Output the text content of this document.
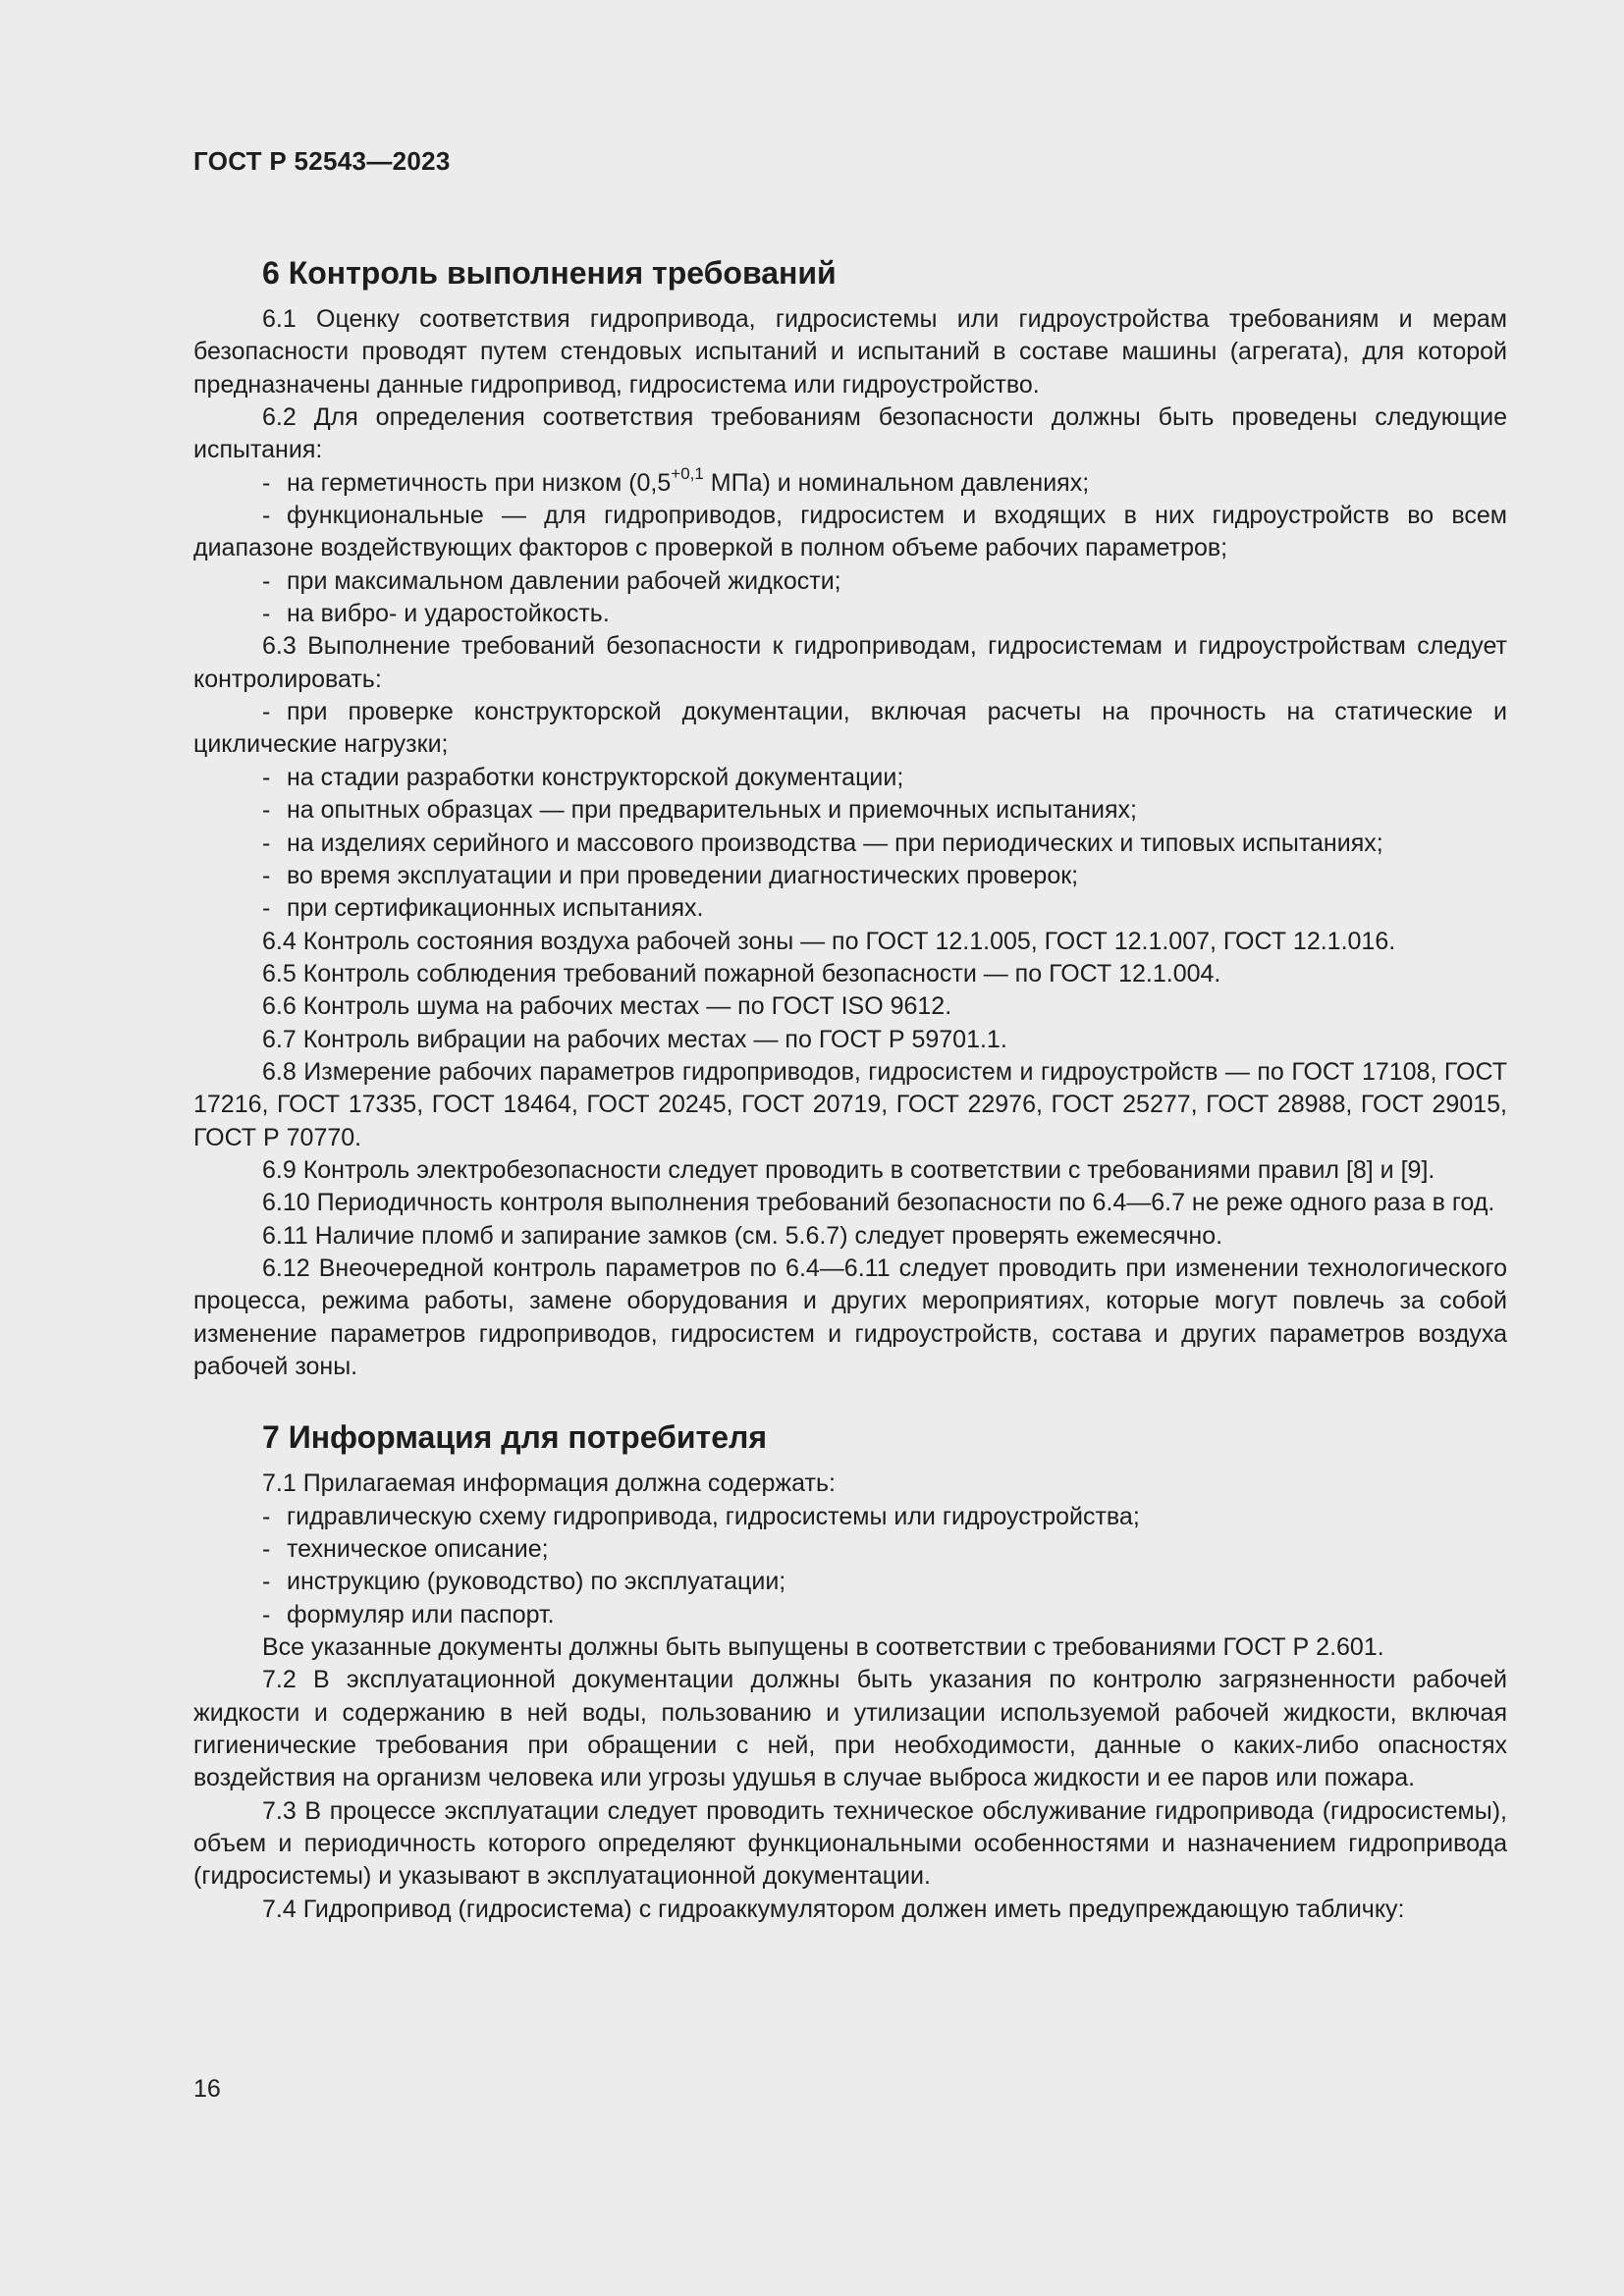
ГОСТ Р 52543—2023

6 Контроль выполнения требований

6.1 Оценку соответствия гидропривода, гидросистемы или гидроустройства требованиям и мерам безопасности проводят путем стендовых испытаний и испытаний в составе машины (агрегата), для которой предназначены данные гидропривод, гидросистема или гидроустройство.

6.2 Для определения соответствия требованиям безопасности должны быть проведены следующие испытания:

- на герметичность при низком ($0,5^{+0,1}$ МПа) и номинальном давлениях;

- функциональные — для гидроприводов, гидросистем и входящих в них гидроустройств во всем диапазоне воздействующих факторов с проверкой в полном объеме рабочих параметров;

- при максимальном давлении рабочей жидкости;

- на вибро- и ударостойкость.

6.3 Выполнение требований безопасности к гидроприводам, гидросистемам и гидроустройствам следует контролировать:

- при проверке конструкторской документации, включая расчеты на прочность на статические и циклические нагрузки;

- на стадии разработки конструкторской документации;

- на опытных образцах — при предварительных и приемочных испытаниях;

- на изделиях серийного и массового производства — при периодических и типовых испытаниях;

- во время эксплуатации и при проведении диагностических проверок;

- при сертификационных испытаниях.

6.4 Контроль состояния воздуха рабочей зоны — по ГОСТ 12.1.005, ГОСТ 12.1.007, ГОСТ 12.1.016.

6.5 Контроль соблюдения требований пожарной безопасности — по ГОСТ 12.1.004.

6.6 Контроль шума на рабочих местах — по ГОСТ ISO 9612.

6.7 Контроль вибрации на рабочих местах — по ГОСТ Р 59701.1.

6.8 Измерение рабочих параметров гидроприводов, гидросистем и гидроустройств — по ГОСТ 17108, ГОСТ 17216, ГОСТ 17335, ГОСТ 18464, ГОСТ 20245, ГОСТ 20719, ГОСТ 22976, ГОСТ 25277, ГОСТ 28988, ГОСТ 29015, ГОСТ Р 70770.

6.9 Контроль электробезопасности следует проводить в соответствии с требованиями правил [8] и [9].

6.10 Периодичность контроля выполнения требований безопасности по 6.4—6.7 не реже одного раза в год.

6.11 Наличие пломб и запирание замков (см. 5.6.7) следует проверять ежемесячно.

6.12 Внеочередной контроль параметров по 6.4—6.11 следует проводить при изменении технологического процесса, режима работы, замене оборудования и других мероприятиях, которые могут повлечь за собой изменение параметров гидроприводов, гидросистем и гидроустройств, состава и других параметров воздуха рабочей зоны.

7 Информация для потребителя

7.1 Прилагаемая информация должна содержать:

- гидравлическую схему гидропривода, гидросистемы или гидроустройства;

- техническое описание;

- инструкцию (руководство) по эксплуатации;

- формуляр или паспорт.

Все указанные документы должны быть выпущены в соответствии с требованиями ГОСТ Р 2.601.

7.2 В эксплуатационной документации должны быть указания по контролю загрязненности рабочей жидкости и содержанию в ней воды, пользованию и утилизации используемой рабочей жидкости, включая гигиенические требования при обращении с ней, при необходимости, данные о каких-либо опасностях воздействия на организм человека или угрозы удушья в случае выброса жидкости и ее паров или пожара.

7.3 В процессе эксплуатации следует проводить техническое обслуживание гидропривода (гидросистемы), объем и периодичность которого определяют функциональными особенностями и назначением гидропривода (гидросистемы) и указывают в эксплуатационной документации.

7.4 Гидропривод (гидросистема) с гидроаккумулятором должен иметь предупреждающую табличку:

16
